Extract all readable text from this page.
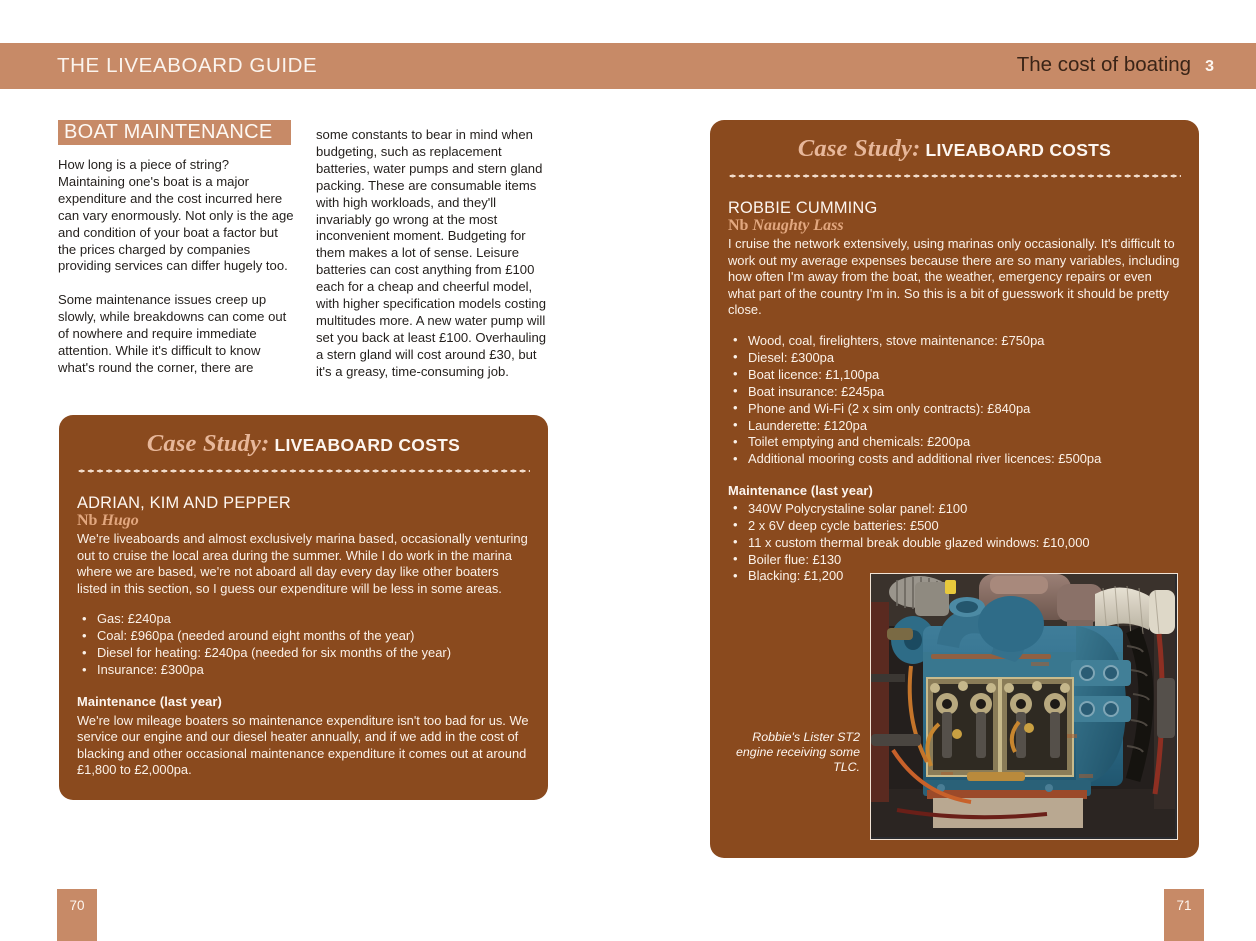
THE LIVEABOARD GUIDE	The cost of boating 3
BOAT MAINTENANCE

How long is a piece of string? Maintaining one's boat is a major expenditure and the cost incurred here can vary enormously. Not only is the age and condition of your boat a factor but the prices charged by companies providing services can differ hugely too.

Some maintenance issues creep up slowly, while breakdowns can come out of nowhere and require immediate attention. While it's difficult to know what's round the corner, there are

some constants to bear in mind when budgeting, such as replacement batteries, water pumps and stern gland packing. These are consumable items with high workloads, and they'll invariably go wrong at the most inconvenient moment. Budgeting for them makes a lot of sense. Leisure batteries can cost anything from £100 each for a cheap and cheerful model, with higher specification models costing multitudes more. A new water pump will set you back at least £100. Overhauling a stern gland will cost around £30, but it's a greasy, time-consuming job.

Case Study: LIVEABOARD COSTS
ADRIAN, KIM AND PEPPER
Nb Hugo

We're liveaboards and almost exclusively marina based, occasionally venturing out to cruise the local area during the summer. While I do work in the marina where we are based, we're not aboard all day every day like other boaters listed in this section, so I guess our expenditure will be less in some areas.

• Gas: £240pa
• Coal: £960pa (needed around eight months of the year)
• Diesel for heating: £240pa (needed for six months of the year)
• Insurance: £300pa
Maintenance (last year)

We're low mileage boaters so maintenance expenditure isn't too bad for us. We service our engine and our diesel heater annually, and if we add in the cost of blacking and other occasional maintenance expenditure it comes out at around £1,800 to £2,000pa.

Case Study: LIVEABOARD COSTS
ROBBIE CUMMING
Nb Naughty Lass

I cruise the network extensively, using marinas only occasionally. It's difficult to work out my average expenses because there are so many variables, including how often I'm away from the boat, the weather, emergency repairs or even what part of the country I'm in. So this is a bit of guesswork it should be pretty close.

• Wood, coal, firelighters, stove maintenance: £750pa
• Diesel: £300pa
• Boat licence: £1,100pa
• Boat insurance: £245pa
• Phone and Wi-Fi (2 x sim only contracts): £840pa
• Launderette: £120pa
• Toilet emptying and chemicals: £200pa
• Additional mooring costs and additional river licences: £500pa
Maintenance (last year)
• 340W Polycrystaline solar panel: £100
• 2 x 6V deep cycle batteries: £500
• 11 x custom thermal break double glazed windows: £10,000
• Boiler flue: £130
• Blacking: £1,200
Robbie's Lister ST2 engine receiving some TLC.
70	71
